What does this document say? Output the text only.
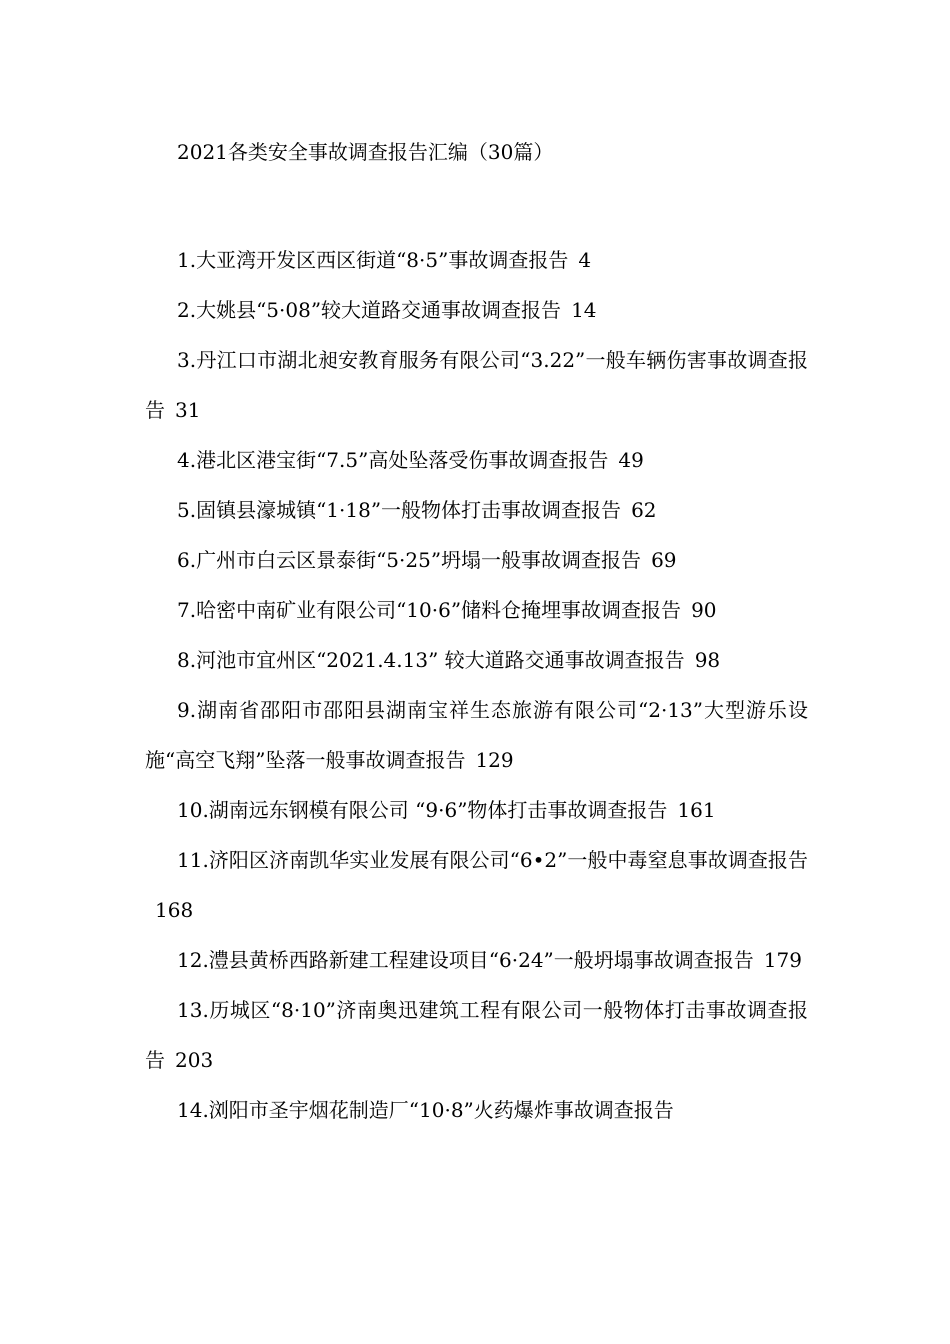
2021各类安全事故调查报告汇编（30篇）

1.大亚湾开发区西区街道“8·5”事故调查报告 4

2.大姚县“5·08”较大道路交通事故调查报告 14

3.丹江口市湖北昶安教育服务有限公司“3.22”一般车辆伤害事故调查报告 31

4.港北区港宝街“7.5”高处坠落受伤事故调查报告 49

5.固镇县濠城镇“1·18”一般物体打击事故调查报告 62

6.广州市白云区景泰街“5·25”坍塌一般事故调查报告 69

7.哈密中南矿业有限公司“10·6”储料仓掩埋事故调查报告 90

8.河池市宜州区“2021.4.13” 较大道路交通事故调查报告 98

9.湖南省邵阳市邵阳县湖南宝祥生态旅游有限公司“2·13”大型游乐设施“高空飞翔”坠落一般事故调查报告 129

10.湖南远东钢模有限公司 “9·6”物体打击事故调查报告 161

11.济阳区济南凯华实业发展有限公司“6•2”一般中毒窒息事故调查报告168

12.澧县黄桥西路新建工程建设项目“6·24”一般坍塌事故调查报告 179

13.历城区“8·10”济南奥迅建筑工程有限公司一般物体打击事故调查报告 203

14.浏阳市圣宇烟花制造厂“10·8”火药爆炸事故调查报告
